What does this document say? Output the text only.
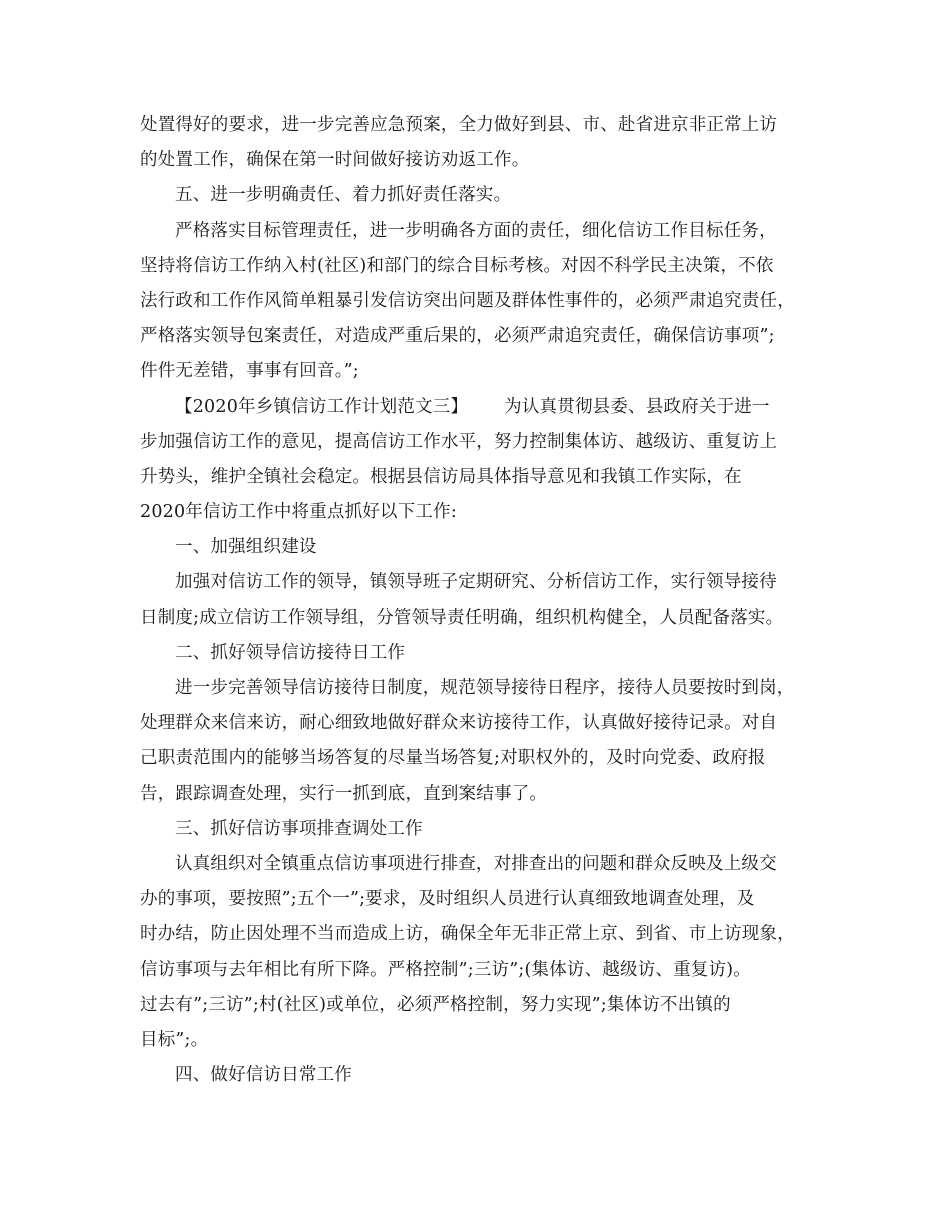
处置得好的要求，进一步完善应急预案，全力做好到县、市、赴省进京非正常上访
的处置工作，确保在第一时间做好接访劝返工作。
五、进一步明确责任、着力抓好责任落实。
严格落实目标管理责任，进一步明确各方面的责任，细化信访工作目标任务，
坚持将信访工作纳入村(社区)和部门的综合目标考核。对因不科学民主决策，不依
法行政和工作作风简单粗暴引发信访突出问题及群体性事件的，必须严肃追究责任，
严格落实领导包案责任，对造成严重后果的，必须严肃追究责任，确保信访事项”;
件件无差错，事事有回音。”;
【2020年乡镇信访工作计划范文三】 为认真贯彻县委、县政府关于进一
步加强信访工作的意见，提高信访工作水平，努力控制集体访、越级访、重复访上
升势头，维护全镇社会稳定。根据县信访局具体指导意见和我镇工作实际，在
2020年信访工作中将重点抓好以下工作:
一、加强组织建设
加强对信访工作的领导，镇领导班子定期研究、分析信访工作，实行领导接待
日制度;成立信访工作领导组，分管领导责任明确，组织机构健全，人员配备落实。
二、抓好领导信访接待日工作
进一步完善领导信访接待日制度，规范领导接待日程序，接待人员要按时到岗，
处理群众来信来访，耐心细致地做好群众来访接待工作，认真做好接待记录。对自
己职责范围内的能够当场答复的尽量当场答复;对职权外的，及时向党委、政府报
告，跟踪调查处理，实行一抓到底，直到案结事了。
三、抓好信访事项排查调处工作
认真组织对全镇重点信访事项进行排查，对排查出的问题和群众反映及上级交
办的事项，要按照”;五个一”;要求，及时组织人员进行认真细致地调查处理，及
时办结，防止因处理不当而造成上访，确保全年无非正常上京、到省、市上访现象，
信访事项与去年相比有所下降。严格控制”;三访”;(集体访、越级访、重复访)。
过去有”;三访”;村(社区)或单位，必须严格控制，努力实现”;集体访不出镇的
目标”;。
四、做好信访日常工作
